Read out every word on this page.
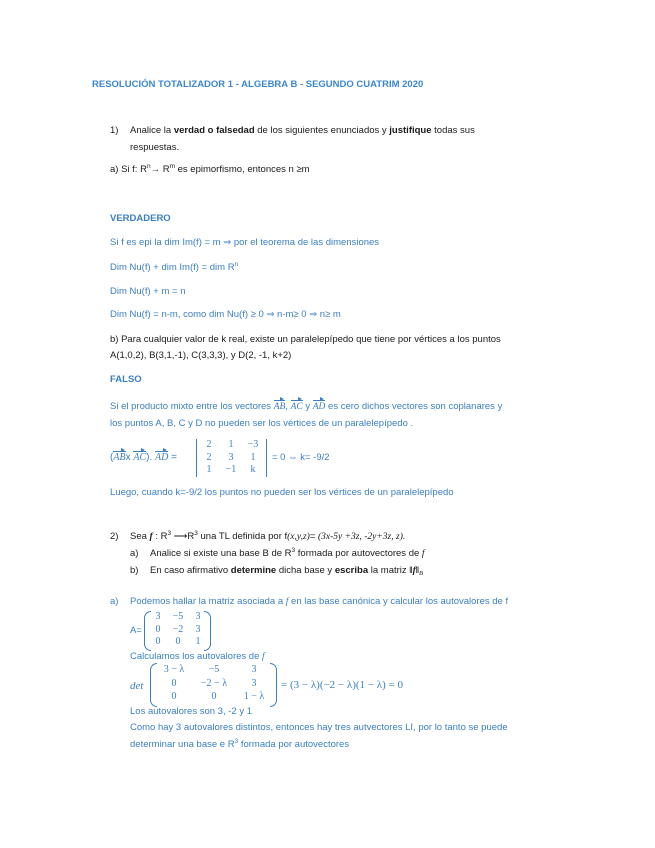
RESOLUCIÓN TOTALIZADOR 1 - ALGEBRA B - SEGUNDO CUATRIM 2020
1) Analice la verdad o falsedad de los siguientes enunciados y justifique todas sus
respuestas.
a) Si f: $R^n\to R^m$ es epimorfismo, entonces n ≥m
VERDADERO
Si f es epi la dim Im(f) = m ⇒ por el teorema de las dimensiones
Dim Nu(f) + dim Im(f) = dim $R^n$
Dim Nu(f) + m = n
Dim Nu(f) = n-m, como dim Nu(f) ≥ 0 ⇒ n-m≥ 0 ⇒ n≥ m
b) Para cualquier valor de k real, existe un paralelepípedo que tiene por vértices a los puntos
A(1,0,2), B(3,1,-1), C(3,3,3), y D(2, -1, k+2)
FALSO
Si el producto mixto entre los vectores AB, AC y AD es cero dichos vectores son coplanares y
los puntos A, B, C y D no pueden ser los vértices de un paralelepípedo .
(ABx AC). AD =
2	1	−3
2	3	1
1	−1	k
= 0 ⇔ k= -9/2
Luego, cuando k=-9/2 los puntos no pueden ser los vértices de un paralelepípedo
2) Sea f : $R^3$ $⟶R^3$ una TL definida por f(x,y,z)= (3x-5y +3z, -2y+3z, z).
a) Analice si existe una base B de $R^3$ formada por autovectores de f
b) En caso afirmativo determine dicha base y escriba la matriz $‖f‖_B$
a) Podemos hallar la matriz asociada a f en las base canónica y calcular los autovalores de f
A=
3	−5	3
0	−2	3
0	0	1
Calculamos los autovalores de f
det
3 − λ	−5	3
0	−2 − λ	3
0	0	1 − λ
= (3 − λ)(−2 − λ)(1 − λ) = 0
Los autovalores son 3, -2 y 1
Como hay 3 autovalores distintos, entonces hay tres autvectores LI, por lo tanto se puede
determinar una base e $R^3$ formada por autovectores
